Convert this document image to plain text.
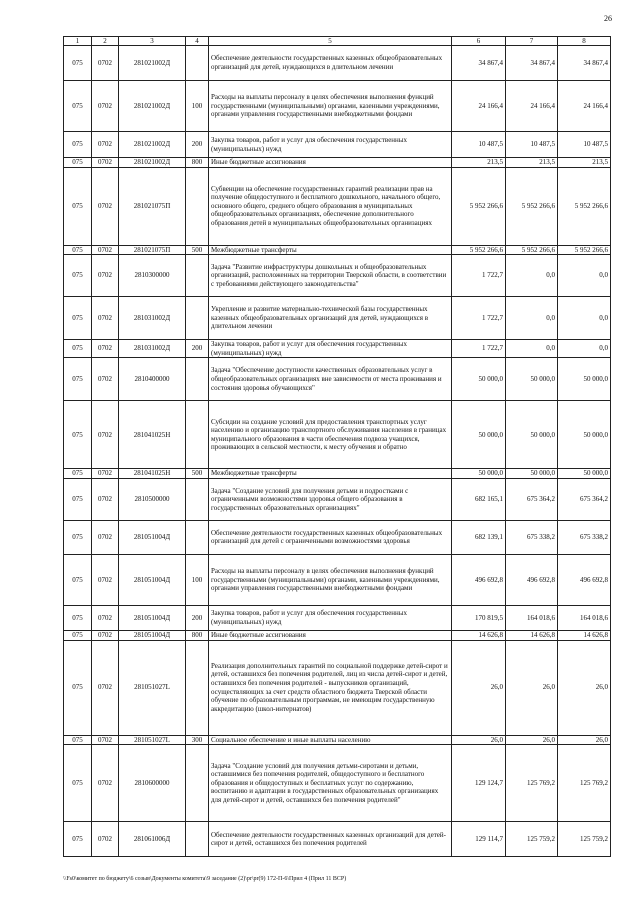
26
1	2	3	4	5	6	7	8
075	0702	281021002Д		Обеспечение деятельности государственных казенных общеобразовательных организаций для детей, нуждающихся в длительном лечении	34 867,4	34 867,4	34 867,4
075	0702	281021002Д	100	Расходы на выплаты персоналу в целях обеспечения выполнения функций государственными (муниципальными) органами, казенными учреждениями, органами управления государственными внебюджетными фондами	24 166,4	24 166,4	24 166,4
075	0702	281021002Д	200	Закупка товаров, работ и услуг для обеспечения государственных (муниципальных) нужд	10 487,5	10 487,5	10 487,5
075	0702	281021002Д	800	Иные бюджетные ассигнования	213,5	213,5	213,5
075	0702	281021075П		Субвенции на обеспечение государственных гарантий реализации прав на получение общедоступного и бесплатного дошкольного, начального общего, основного общего, среднего общего образования в муниципальных общеобразовательных организациях, обеспечение дополнительного образования детей в муниципальных общеобразовательных организациях	5 952 266,6	5 952 266,6	5 952 266,6
075	0702	281021075П	500	Межбюджетные трансферты	5 952 266,6	5 952 266,6	5 952 266,6
075	0702	2810300000		Задача "Развитие инфраструктуры дошкольных и общеобразовательных организаций, расположенных на территории Тверской области, в соответствии с требованиями действующего законодательства"	1 722,7	0,0	0,0
075	0702	281031002Д		Укрепление и развитие материально-технической базы государственных казенных общеобразовательных организаций для детей, нуждающихся в длительном лечении	1 722,7	0,0	0,0
075	0702	281031002Д	200	Закупка товаров, работ и услуг для обеспечения государственных (муниципальных) нужд	1 722,7	0,0	0,0
075	0702	2810400000		Задача "Обеспечение доступности качественных образовательных услуг в общеобразовательных организациях вне зависимости от места проживания и состояния здоровья обучающихся"	50 000,0	50 000,0	50 000,0
075	0702	281041025Н		Субсидии на создание условий для предоставления транспортных услуг населению и организацию транспортного обслуживания населения в границах муниципального образования в части обеспечения подвоза учащихся, проживающих в сельской местности, к месту обучения и обратно	50 000,0	50 000,0	50 000,0
075	0702	281041025Н	500	Межбюджетные трансферты	50 000,0	50 000,0	50 000,0
075	0702	2810500000		Задача "Создание условий для получения детьми и подростками с ограниченными возможностями здоровья общего образования в государственных образовательных организациях"	682 165,1	675 364,2	675 364,2
075	0702	281051004Д		Обеспечение деятельности государственных казенных общеобразовательных организаций для детей с ограниченными возможностями здоровья	682 139,1	675 338,2	675 338,2
075	0702	281051004Д	100	Расходы на выплаты персоналу в целях обеспечения выполнения функций государственными (муниципальными) органами, казенными учреждениями, органами управления государственными внебюджетными фондами	496 692,8	496 692,8	496 692,8
075	0702	281051004Д	200	Закупка товаров, работ и услуг для обеспечения государственных (муниципальных) нужд	170 819,5	164 018,6	164 018,6
075	0702	281051004Д	800	Иные бюджетные ассигнования	14 626,8	14 626,8	14 626,8
075	0702	281051027L		Реализация дополнительных гарантий по социальной поддержке детей-сирот и детей, оставшихся без попечения родителей, лиц из числа детей-сирот и детей, оставшихся без попечения родителей - выпускников организаций, осуществляющих за счет средств областного бюджета Тверской области обучение по образовательным программам, не имеющим государственную аккредитацию (школ-интернатов)	26,0	26,0	26,0
075	0702	281051027L	300	Социальное обеспечение и иные выплаты населению	26,0	26,0	26,0
075	0702	2810600000		Задача "Создание условий для получения детьми-сиротами и детьми, оставшимися без попечения родителей, общедоступного и бесплатного образования и общедоступных и бесплатных услуг по содержанию, воспитанию и адаптации в государственных образовательных организациях для детей-сирот и детей, оставшихся без попечения родителей"	129 124,7	125 769,2	125 769,2
075	0702	281061006Д		Обеспечение деятельности государственных казенных организаций для детей-сирот и детей, оставшихся без попечения родителей	129 114,7	125 759,2	125 759,2
\\Fs0\комитет по бюджету\6 созыв\Документы комитета\9 заседание (2)\pr\pr(9) 172-П-6\Прил 4 (Прил 11 ВСР)
